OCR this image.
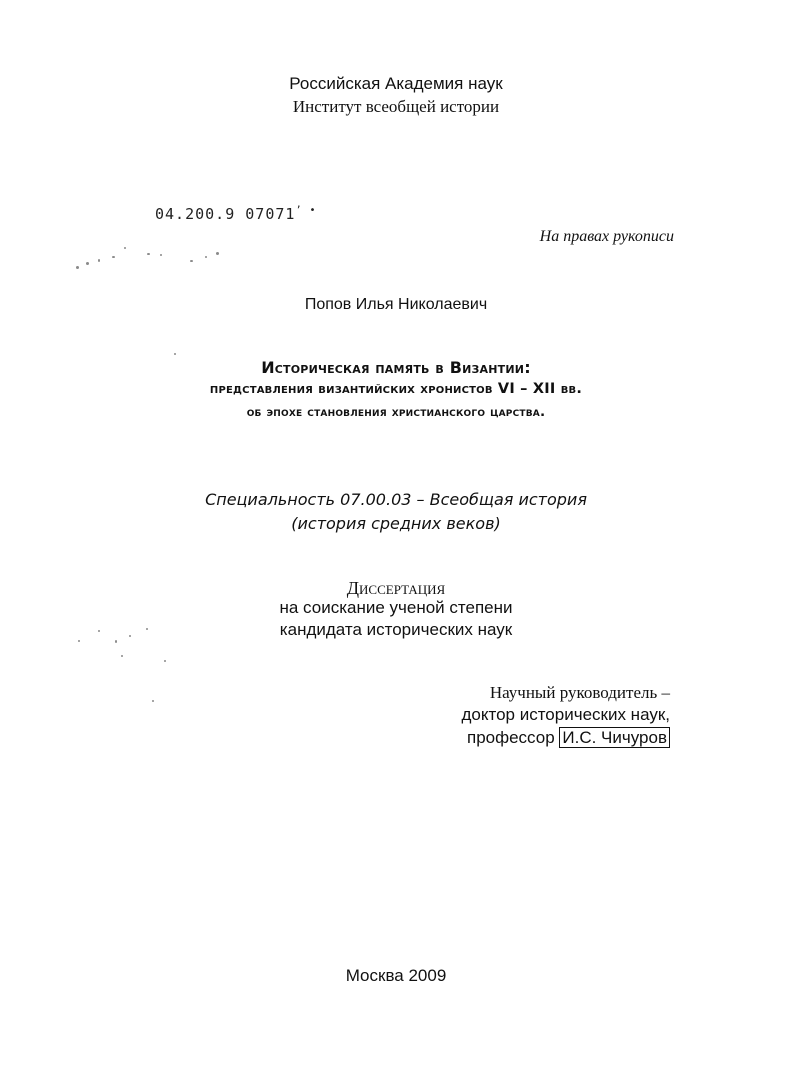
Российская Академия наук
Институт всеобщей истории
04.200.9 07071’ •
На правах рукописи
Попов Илья Николаевич
Историческая память в Византии:
представления византийских хронистов VI – XII вв.
об эпохе становления христианского царства.
Специальность 07.00.03 – Всеобщая история
(история средних веков)
Диссертация
на соискание ученой степени
кандидата исторических наук
Научный руководитель –
доктор исторических наук,
профессор И.С. Чичуров
Москва 2009
